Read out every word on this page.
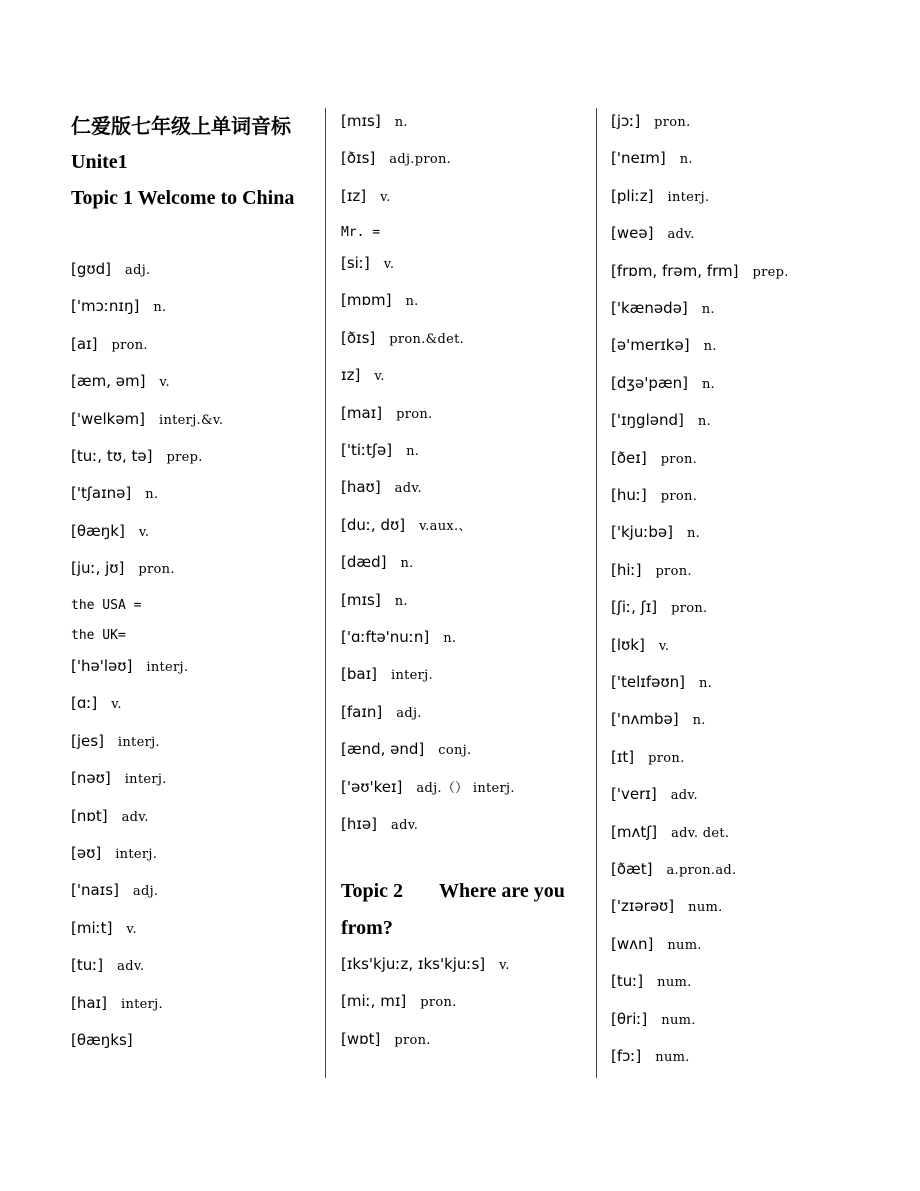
仁爱版七年级上单词音标
Unite1
Topic 1 Welcome to China
[gʊd] adj.
['mɔːnɪŋ] n.
[aɪ] pron.
[æm, əm] v.
['welkəm] interj.&v.
[tuː, tʊ, tə] prep.
['tʃaɪnə] n.
[θæŋk] v.
[juː, jʊ] pron.
the USA =
the UK=
['hə'ləʊ] interj.
[ɑː] v.
[jes] interj.
[nəʊ] interj.
[nɒt] adv.
[əʊ] interj.
['naɪs] adj.
[miːt] v.
[tuː] adv.
[haɪ] interj.
[θæŋks]
[mɪs] n.
[ðɪs] adj.pron.
[ɪz] v.
Mr. =
[siː] v.
[mɒm] n.
[ðɪs] pron.&det.
ɪz] v.
[maɪ] pron.
['tiːtʃə] n.
[haʊ] adv.
[duː, dʊ] v.aux.、
[dæd] n.
[mɪs] n.
['ɑːftə'nuːn] n.
[baɪ] interj.
[faɪn] adj.
[ænd, ənd] conj.
['əʊ'keɪ] adj.（） interj.
[hɪə] adv.
Topic 2 Where are you
from?
[ɪks'kjuːz, ɪks'kjuːs] v.
[miː, mɪ] pron.
[wɒt] pron.
[jɔː] pron.
['neɪm] n.
[pliːz] interj.
[weə] adv.
[frɒm, frəm, frm] prep.
['kænədə] n.
[ə'merɪkə] n.
[dʒə'pæn] n.
['ɪŋglənd] n.
[ðeɪ] pron.
[huː] pron.
['kjuːbə] n.
[hiː] pron.
[ʃiː, ʃɪ] pron.
[lʊk] v.
['telɪfəʊn] n.
['nʌmbə] n.
[ɪt] pron.
['verɪ] adv.
[mʌtʃ] adv. det.
[ðæt] a.pron.ad.
['zɪərəʊ] num.
[wʌn] num.
[tuː] num.
[θriː] num.
[fɔː] num.
